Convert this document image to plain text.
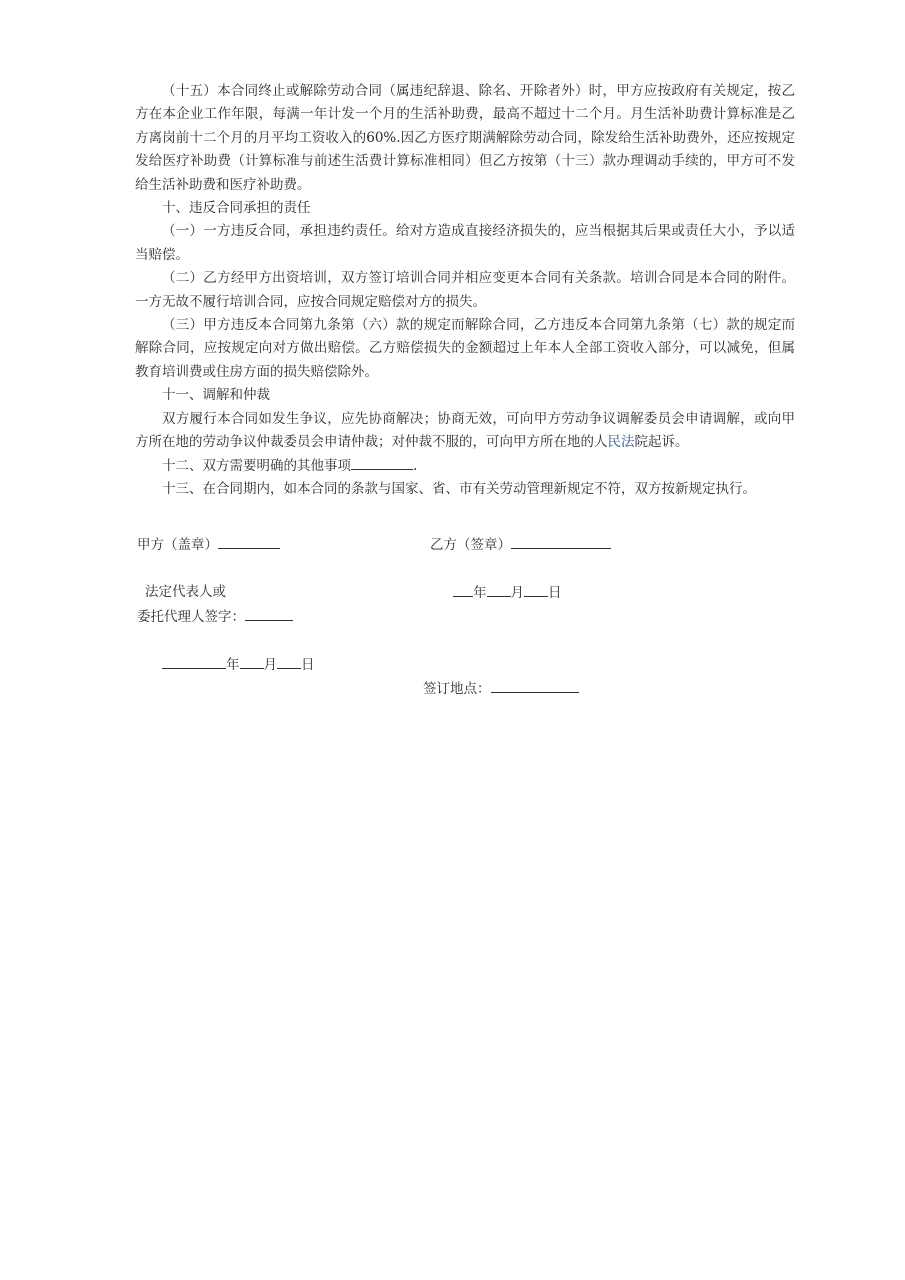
（十五）本合同终止或解除劳动合同（属违纪辞退、除名、开除者外）时，甲方应按政府有关规定，按乙方在本企业工作年限，每满一年计发一个月的生活补助费，最高不超过十二个月。月生活补助费计算标准是乙方离岗前十二个月的月平均工资收入的60%.因乙方医疗期满解除劳动合同，除发给生活补助费外，还应按规定发给医疗补助费（计算标准与前述生活费计算标准相同）但乙方按第（十三）款办理调动手续的，甲方可不发给生活补助费和医疗补助费。

十、违反合同承担的责任

（一）一方违反合同，承担违约责任。给对方造成直接经济损失的，应当根据其后果或责任大小，予以适当赔偿。

（二）乙方经甲方出资培训，双方签订培训合同并相应变更本合同有关条款。培训合同是本合同的附件。一方无故不履行培训合同，应按合同规定赔偿对方的损失。

（三）甲方违反本合同第九条第（六）款的规定而解除合同，乙方违反本合同第九条第（七）款的规定而解除合同，应按规定向对方做出赔偿。乙方赔偿损失的金额超过上年本人全部工资收入部分，可以减免，但属教育培训费或住房方面的损失赔偿除外。

十一、调解和仲裁

双方履行本合同如发生争议，应先协商解决；协商无效，可向甲方劳动争议调解委员会申请调解，或向甲方所在地的劳动争议仲裁委员会申请仲裁；对仲裁不服的，可向甲方所在地的人民法院起诉。

十二、双方需要明确的其他事项	.

十三、在合同期内，如本合同的条款与国家、省、市有关劳动管理新规定不符，双方按新规定执行。

甲方（盖章）	乙方（签章）
法定代表人或	年 月 日
委托代理人签字：
年 月 日
签订地点：
